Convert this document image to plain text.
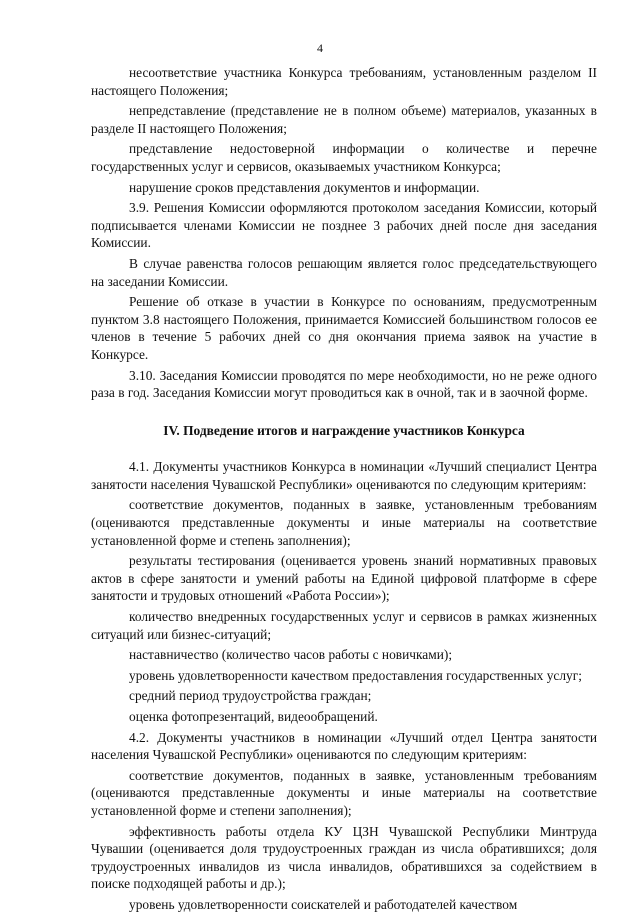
4

несоответствие участника Конкурса требованиям, установленным разделом II настоящего Положения;

непредставление (представление не в полном объеме) материалов, указанных в разделе II настоящего Положения;

представление недостоверной информации о количестве и перечне государственных услуг и сервисов, оказываемых участником Конкурса;

нарушение сроков представления документов и информации.

3.9. Решения Комиссии оформляются протоколом заседания Комиссии, который подписывается членами Комиссии не позднее 3 рабочих дней после дня заседания Комиссии.

В случае равенства голосов решающим является голос председательствующего на заседании Комиссии.

Решение об отказе в участии в Конкурсе по основаниям, предусмотренным пунктом 3.8 настоящего Положения, принимается Комиссией большинством голосов ее членов в течение 5 рабочих дней со дня окончания приема заявок на участие в Конкурсе.

3.10. Заседания Комиссии проводятся по мере необходимости, но не реже одного раза в год. Заседания Комиссии могут проводиться как в очной, так и в заочной форме.

IV. Подведение итогов и награждение участников Конкурса

4.1. Документы участников Конкурса в номинации «Лучший специалист Центра занятости населения Чувашской Республики» оцениваются по следующим критериям:

соответствие документов, поданных в заявке, установленным требованиям (оцениваются представленные документы и иные материалы на соответствие установленной форме и степень заполнения);

результаты тестирования (оценивается уровень знаний нормативных правовых актов в сфере занятости и умений работы на Единой цифровой платформе в сфере занятости и трудовых отношений «Работа России»);

количество внедренных государственных услуг и сервисов в рамках жизненных ситуаций или бизнес-ситуаций;

наставничество (количество часов работы с новичками);

уровень удовлетворенности качеством предоставления государственных услуг;

средний период трудоустройства граждан;

оценка фотопрезентаций, видеообращений.

4.2. Документы участников в номинации «Лучший отдел Центра занятости населения Чувашской Республики» оцениваются по следующим критериям:

соответствие документов, поданных в заявке, установленным требованиям (оцениваются представленные документы и иные материалы на соответствие установленной форме и степени заполнения);

эффективность работы отдела КУ ЦЗН Чувашской Республики Минтруда Чувашии (оценивается доля трудоустроенных граждан из числа обратившихся; доля трудоустроенных инвалидов из числа инвалидов, обратившихся за содействием в поиске подходящей работы и др.);

уровень удовлетворенности соискателей и работодателей качеством
